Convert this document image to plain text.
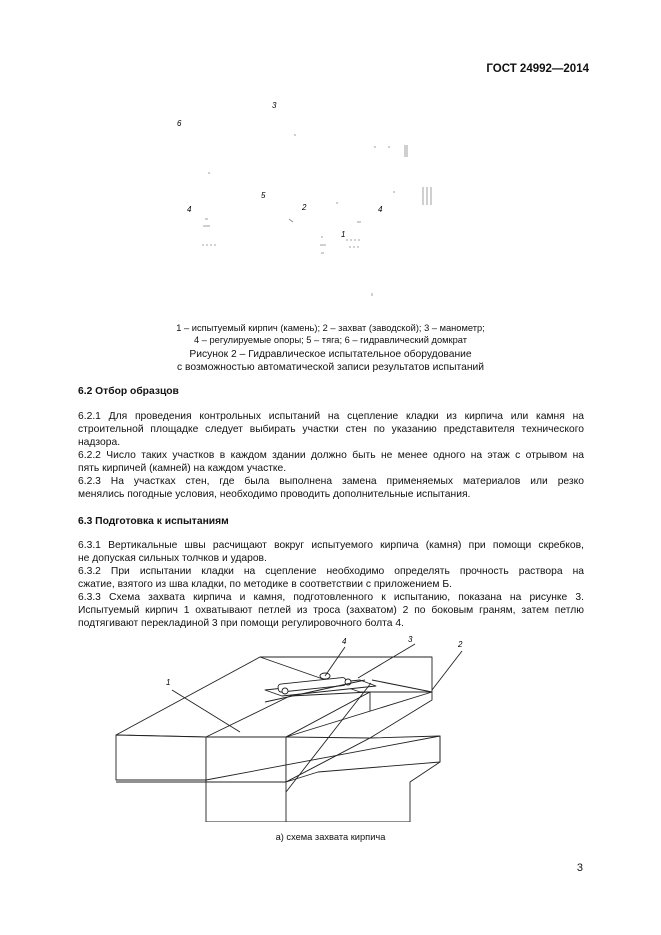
ГОСТ 24992—2014
3
6
5
2
4	4
1
1 – испытуемый кирпич (камень); 2 – захват (заводской); 3 – манометр;
4 – регулируемые опоры; 5 – тяга; 6 – гидравлический домкрат
Рисунок 2 – Гидравлическое испытательное оборудование
с возможностью автоматической записи результатов испытаний
6.2 Отбор образцов
6.2.1 Для проведения контрольных испытаний на сцепление кладки из кирпича или камня на
строительной площадке следует выбирать участки стен по указанию представителя технического
надзора.
6.2.2 Число таких участков в каждом здании должно быть не менее одного на этаж с отрывом на
пять кирпичей (камней) на каждом участке.
6.2.3 На участках стен, где была выполнена замена применяемых материалов или резко
менялись погодные условия, необходимо проводить дополнительные испытания.
6.3 Подготовка к испытаниям
6.3.1 Вертикальные швы расчищают вокруг испытуемого кирпича (камня) при помощи скребков,
не допуская сильных толчков и ударов.
6.3.2 При испытании кладки на сцепление необходимо определять прочность раствора на
сжатие, взятого из шва кладки, по методике в соответствии с приложением Б.
6.3.3 Схема захвата кирпича и камня, подготовленного к испытанию, показана на рисунке 3.
Испытуемый кирпич 1 охватывают петлей из троса (захватом) 2 по боковым граням, затем петлю
подтягивают перекладиной 3 при помощи регулировочного болта 4.
1
4	3
2
а) схема захвата кирпича
3
